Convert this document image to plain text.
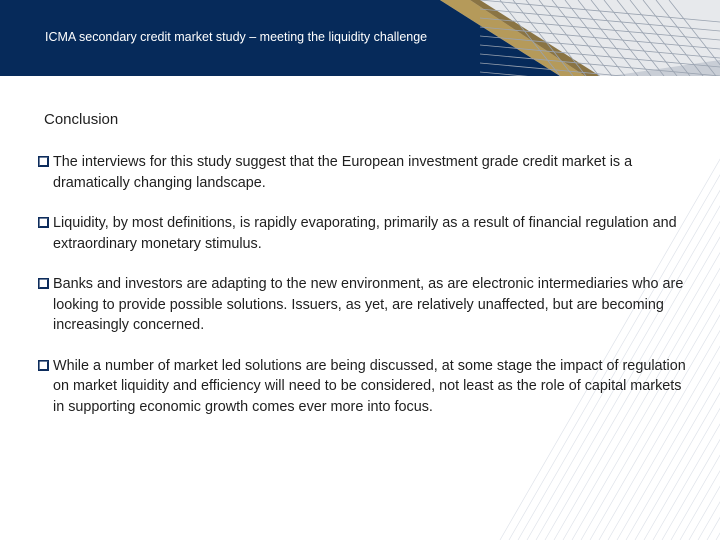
ICMA secondary credit market study – meeting the liquidity challenge
Conclusion
The interviews for this study suggest that the European investment grade credit market is a dramatically changing landscape.
Liquidity, by most definitions, is rapidly evaporating, primarily as a result of financial regulation and extraordinary monetary stimulus.
Banks and investors are adapting to the new environment, as are electronic intermediaries who are looking to provide possible solutions. Issuers, as yet, are relatively unaffected, but are becoming increasingly concerned.
While a number of market led solutions are being discussed, at some stage the impact of regulation on market liquidity and efficiency will need to be considered, not least as the role of capital markets in supporting economic growth comes ever more into focus.
